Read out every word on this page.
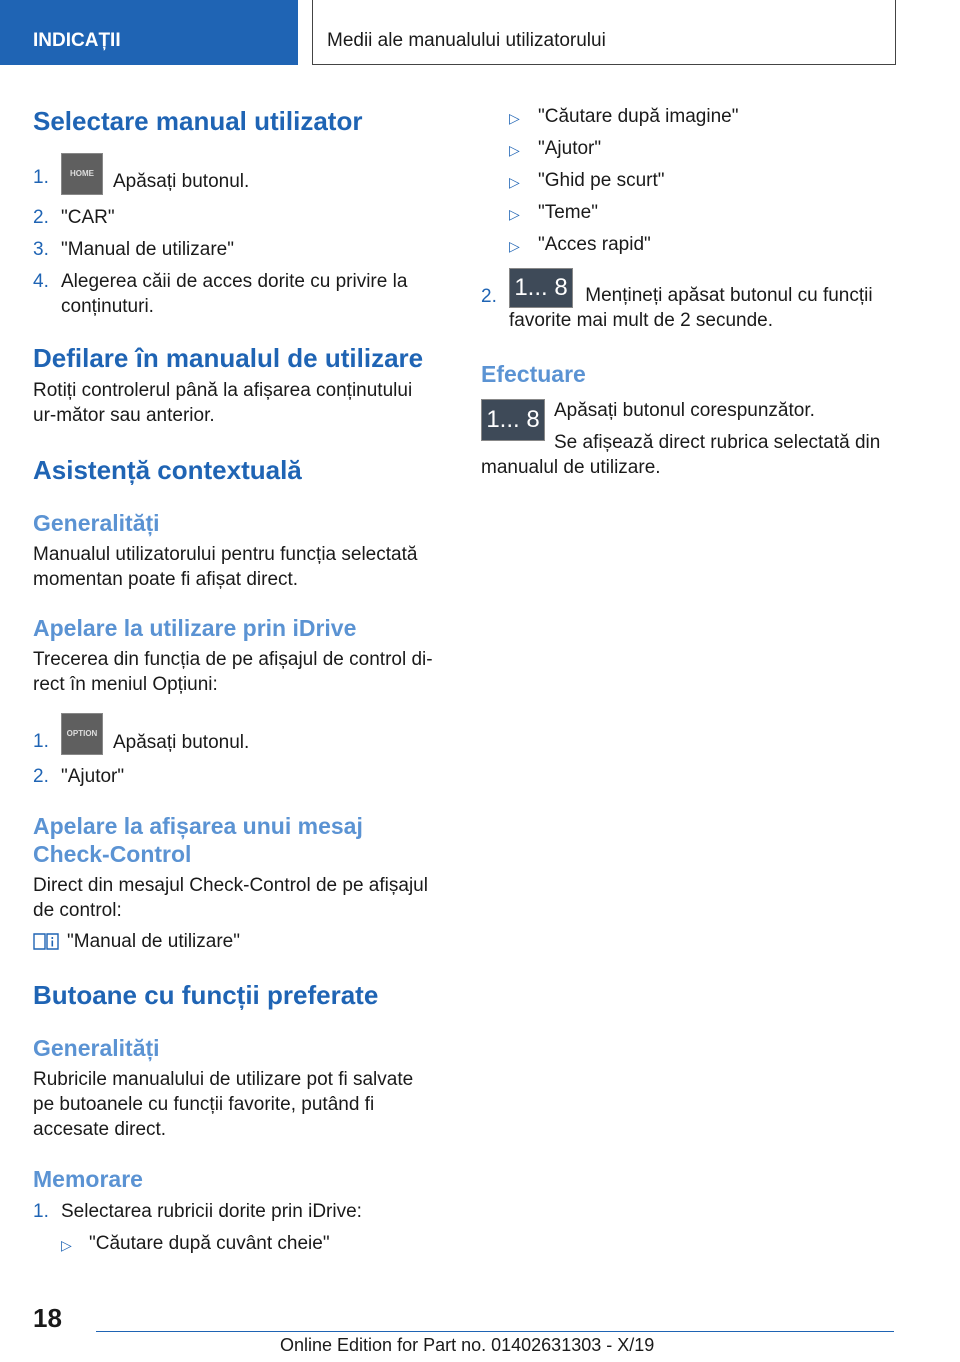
INDICAȚII	Medii ale manualului utilizatorului
Selectare manual utilizator
1.	HOME	Apăsați butonul.
2. "CAR"
3. "Manual de utilizare"
4. Alegerea căii de acces dorite cu privire la conținuturi.
Defilare în manualul de utilizare

Rotiți controlerul până la afișarea conținutului ur-mător sau anterior.

Asistență contextuală
Generalități

Manualul utilizatorului pentru funcția selectată momentan poate fi afișat direct.

Apelare la utilizare prin iDrive

Trecerea din funcția de pe afișajul de control di-rect în meniul Opțiuni:

1.	OPTION Apăsați butonul.
2. "Ajutor"
Apelare la afișarea unui mesaj Check-Control

Direct din mesajul Check-Control de pe afișajul de control:

"Manual de utilizare"
Butoane cu funcții preferate
Generalități

Rubricile manualului de utilizare pot fi salvate pe butoanele cu funcții favorite, putând fi accesate direct.

Memorare
1. Selectarea rubricii dorite prin iDrive:
▷ "Căutare după cuvânt cheie"
▷ "Căutare după imagine"
▷ "Ajutor"
▷ "Ghid pe scurt"
▷ "Teme"
▷ "Acces rapid"
2. 1... 8 Mențineți apăsat butonul cu funcții favorite mai mult de 2 secunde.
Efectuare
1... 8 Apăsați butonul corespunzător.

Se afișează direct rubrica selectată din manualul de utilizare.

18
Online Edition for Part no. 01402631303 - X/19
